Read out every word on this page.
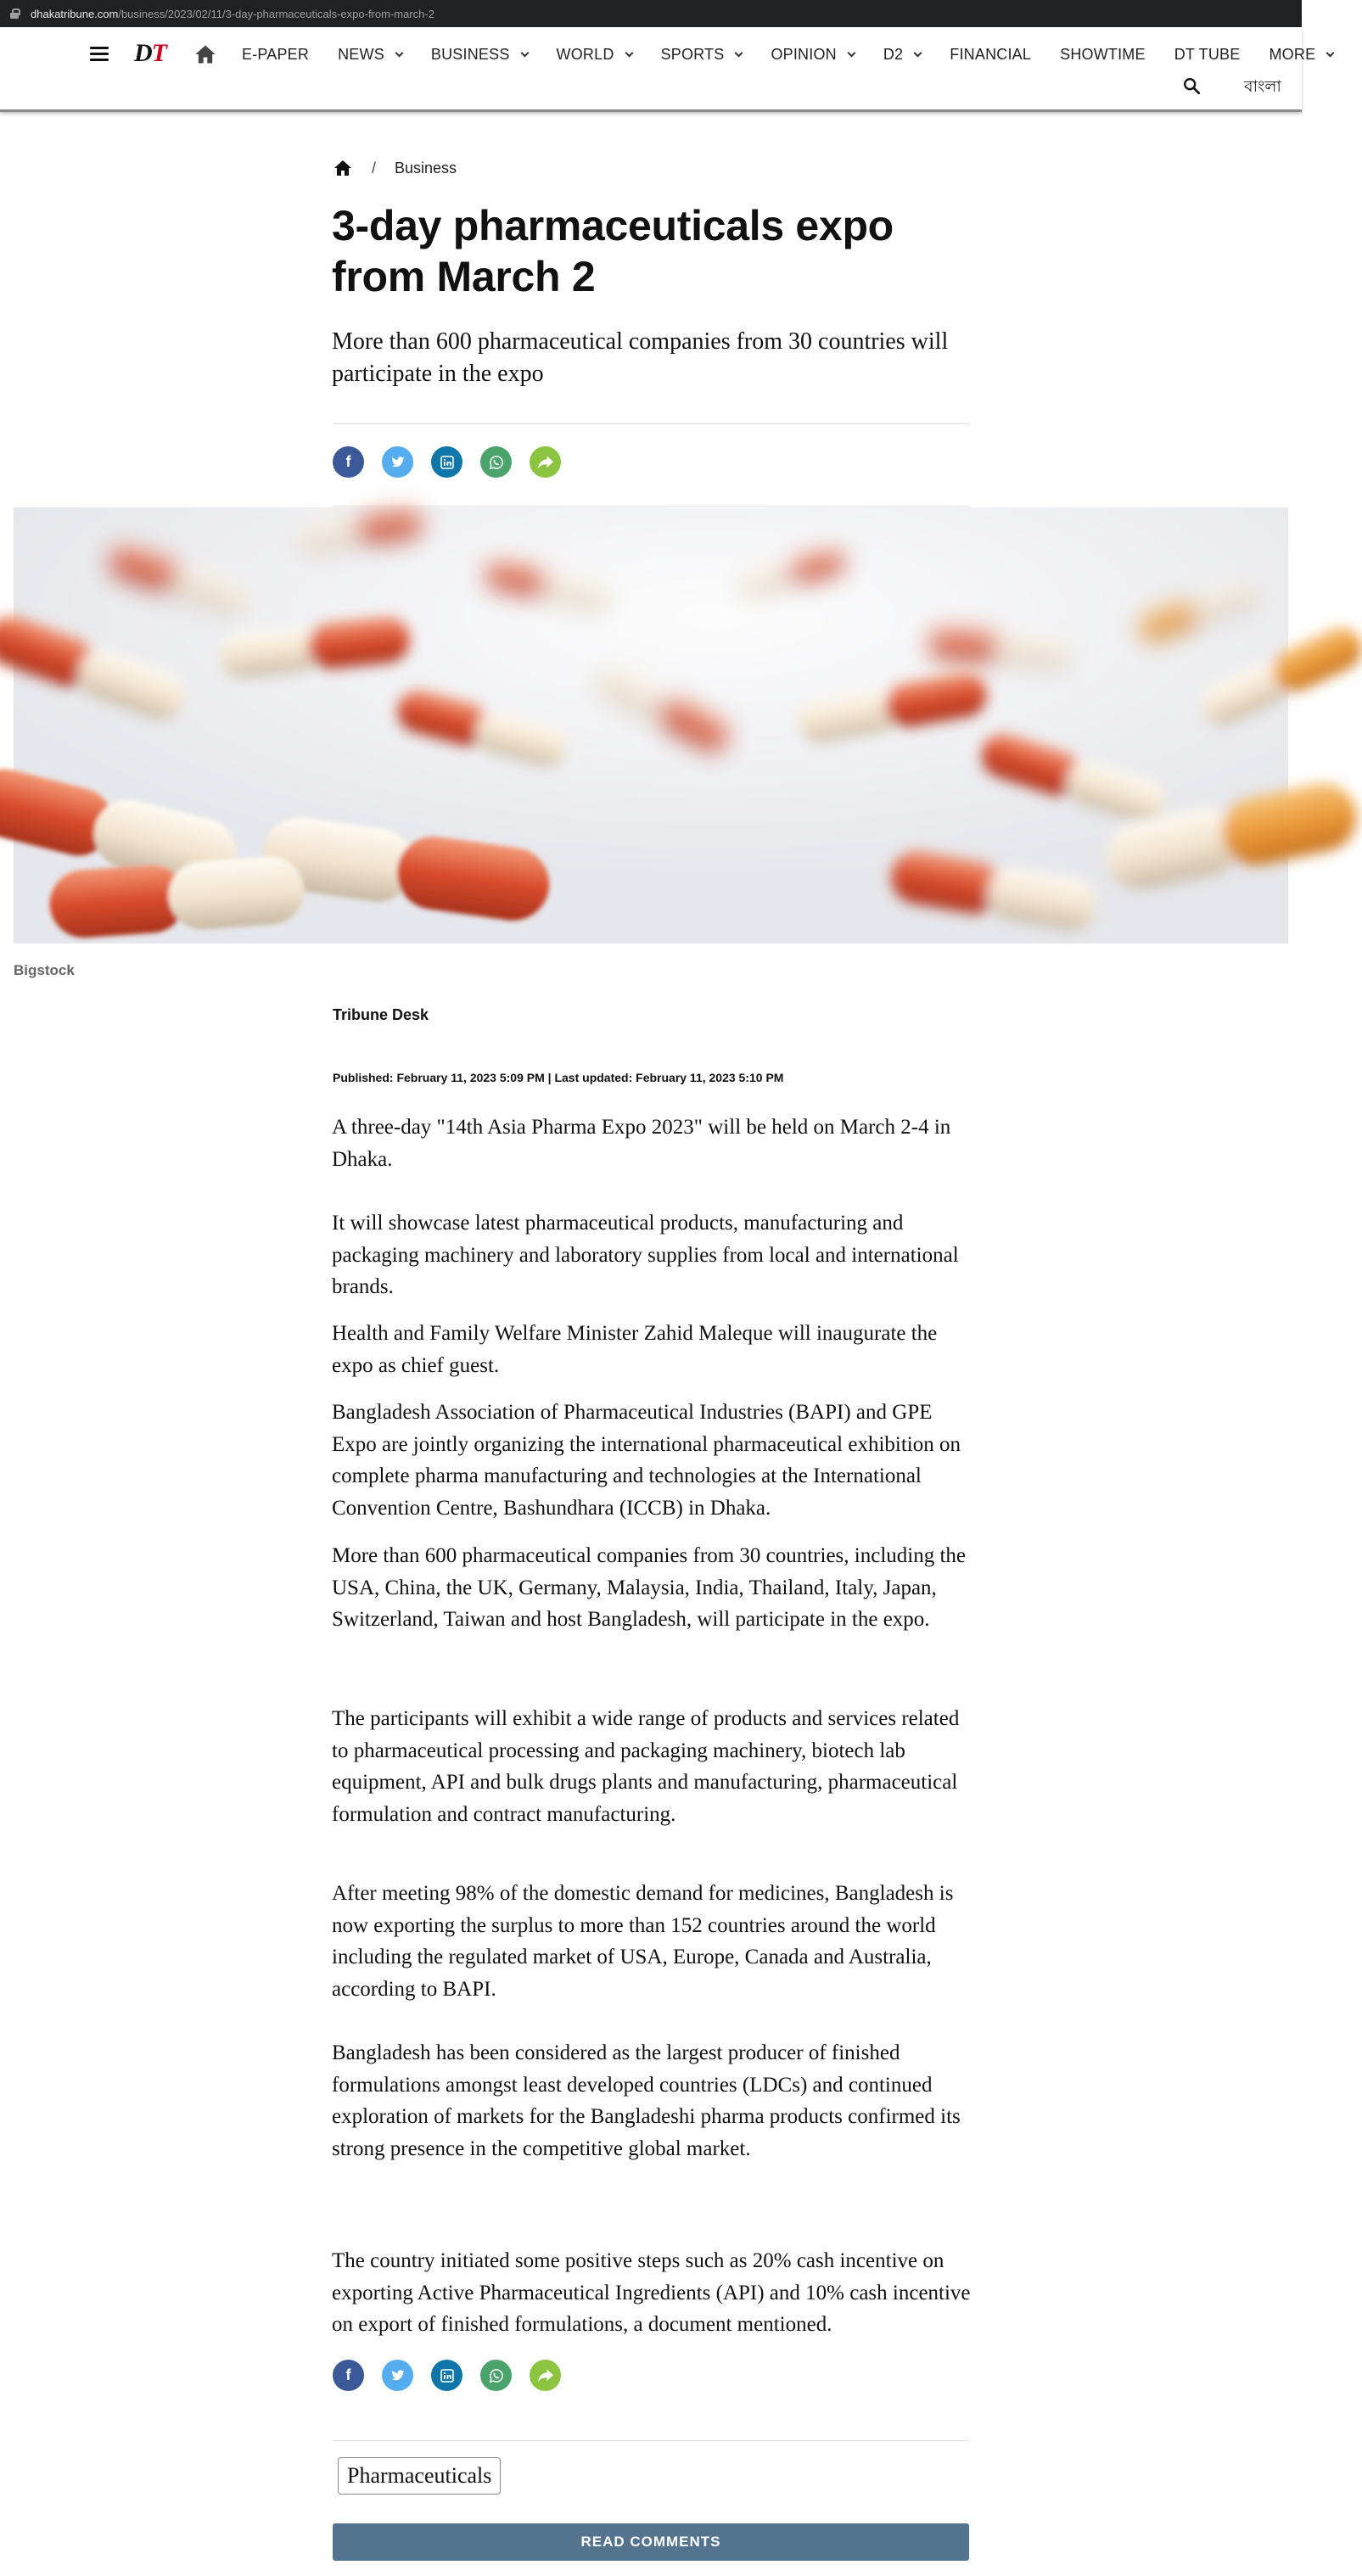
dhakatribune.com /business/2023/02/11/3-day-pharmaceuticals-expo-from-march-2
DT	E-PAPER NEWS	BUSINESS	WORLD	SPORTS	OPINION	D2	FINANCIAL SHOWTIME DT TUBE MORE
বাংলা
/ Business
3-day pharmaceuticals expo from March 2
More than 600 pharmaceutical companies from 30 countries will participate in the expo
f
Bigstock
Tribune Desk
Published: February 11, 2023 5:09 PM | Last updated: February 11, 2023 5:10 PM

A three-day "14th Asia Pharma Expo 2023" will be held on March 2-4 in Dhaka.

It will showcase latest pharmaceutical products, manufacturing and packaging machinery and laboratory supplies from local and international brands.

Health and Family Welfare Minister Zahid Maleque will inaugurate the expo as chief guest.

Bangladesh Association of Pharmaceutical Industries (BAPI) and GPE Expo are jointly organizing the international pharmaceutical exhibition on complete pharma manufacturing and technologies at the International Convention Centre, Bashundhara (ICCB) in Dhaka.

More than 600 pharmaceutical companies from 30 countries, including the USA, China, the UK, Germany, Malaysia, India, Thailand, Italy, Japan, Switzerland, Taiwan and host Bangladesh, will participate in the expo.

The participants will exhibit a wide range of products and services related to pharmaceutical processing and packaging machinery, biotech lab equipment, API and bulk drugs plants and manufacturing, pharmaceutical formulation and contract manufacturing.

After meeting 98% of the domestic demand for medicines, Bangladesh is now exporting the surplus to more than 152 countries around the world including the regulated market of USA, Europe, Canada and Australia, according to BAPI.

Bangladesh has been considered as the largest producer of finished formulations amongst least developed countries (LDCs) and continued exploration of markets for the Bangladeshi pharma products confirmed its strong presence in the competitive global market.

The country initiated some positive steps such as 20% cash incentive on exporting Active Pharmaceutical Ingredients (API) and 10% cash incentive on export of finished formulations, a document mentioned.

f
Pharmaceuticals
READ COMMENTS
